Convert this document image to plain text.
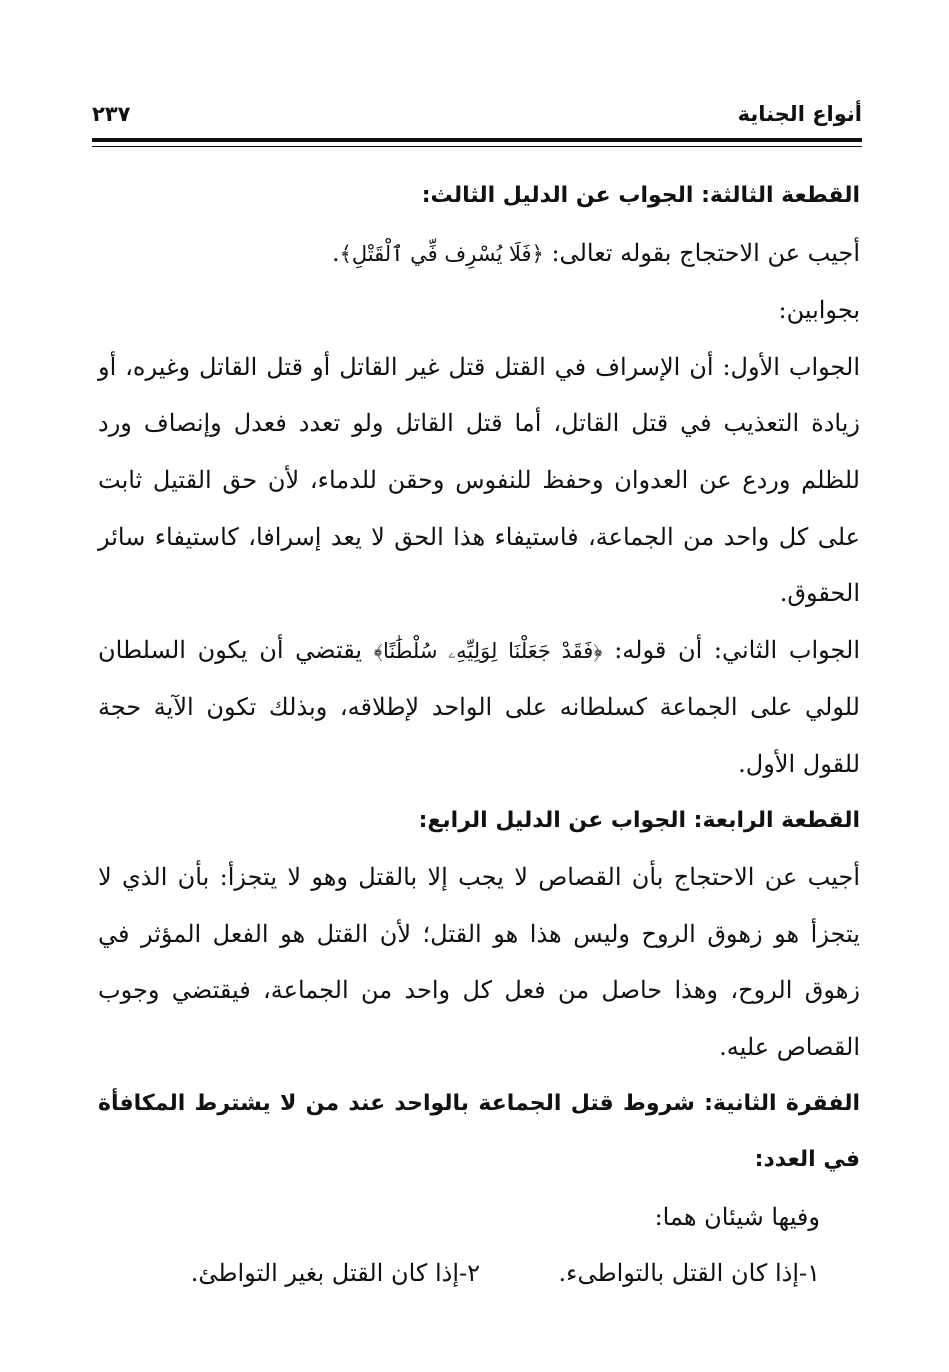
أنواع الجناية
٢٣٧

القطعة الثالثة: الجواب عن الدليل الثالث:

أجيب عن الاحتجاج بقوله تعالى: ﴿فَلَا يُسْرِف فِّي ٱلْقَتْلِ﴾.

بجوابين:

الجواب الأول: أن الإسراف في القتل قتل غير القاتل أو قتل القاتل وغيره، أو زيادة التعذيب في قتل القاتل، أما قتل القاتل ولو تعدد فعدل وإنصاف ورد للظلم وردع عن العدوان وحفظ للنفوس وحقن للدماء، لأن حق القتيل ثابت على كل واحد من الجماعة، فاستيفاء هذا الحق لا يعد إسرافا، كاستيفاء سائر الحقوق.

الجواب الثاني: أن قوله: ﴿فَقَدْ جَعَلْنَا لِوَلِيِّهِۦ سُلْطَٰنًا﴾ يقتضي أن يكون السلطان للولي على الجماعة كسلطانه على الواحد لإطلاقه، وبذلك تكون الآية حجة للقول الأول.

القطعة الرابعة: الجواب عن الدليل الرابع:

أجيب عن الاحتجاج بأن القصاص لا يجب إلا بالقتل وهو لا يتجزأ: بأن الذي لا يتجزأ هو زهوق الروح وليس هذا هو القتل؛ لأن القتل هو الفعل المؤثر في زهوق الروح، وهذا حاصل من فعل كل واحد من الجماعة، فيقتضي وجوب القصاص عليه.

الفقرة الثانية: شروط قتل الجماعة بالواحد عند من لا يشترط المكافأة في العدد:

وفيها شيئان هما:

١-إذا كان القتل بالتواطىء.
٢-إذا كان القتل بغير التواطئ.
